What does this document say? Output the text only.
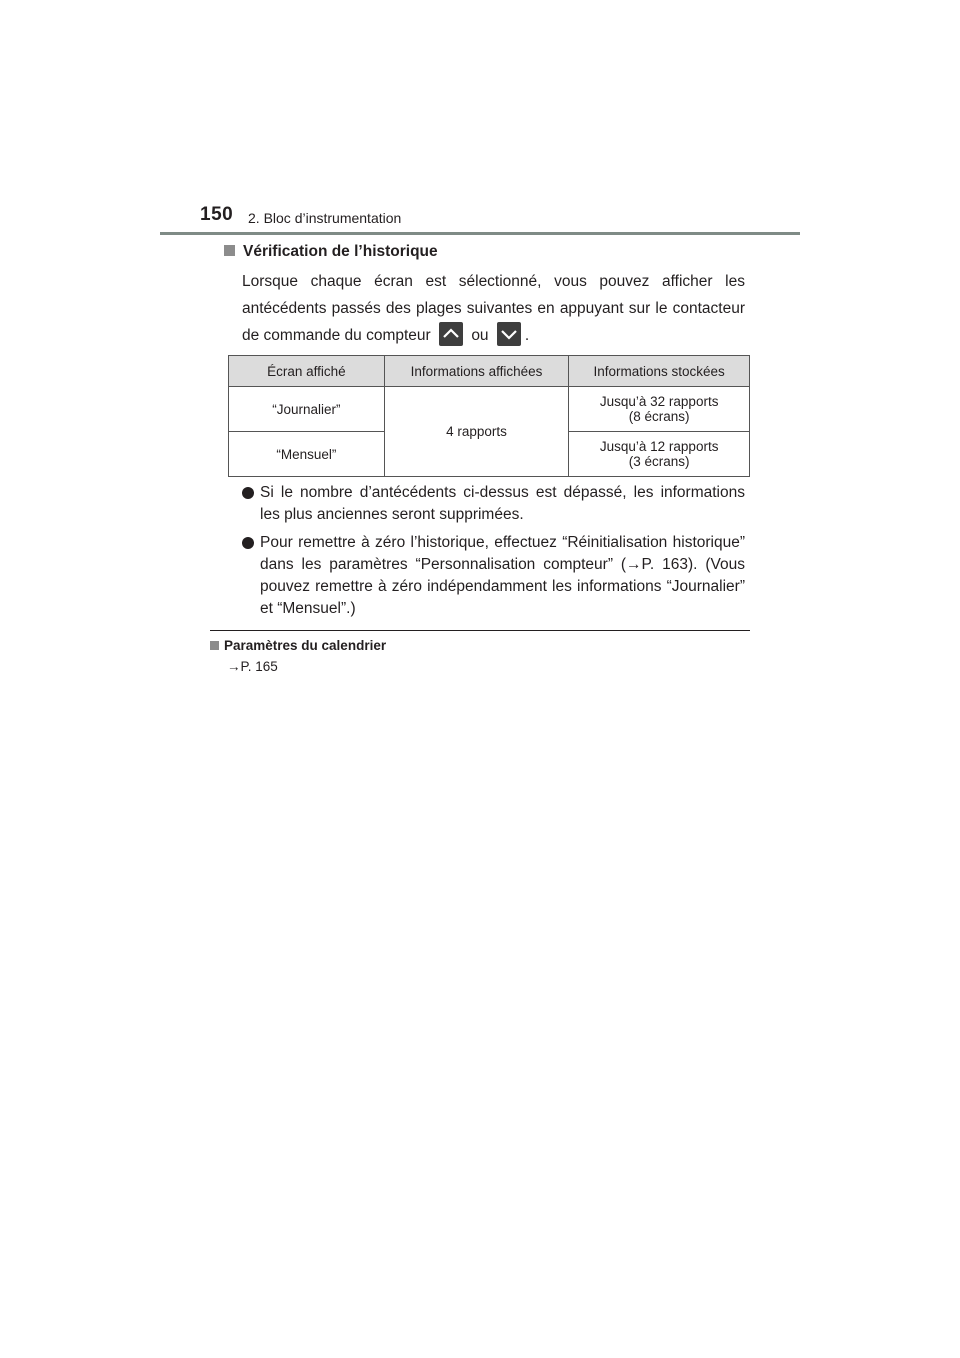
150 2. Bloc d’instrumentation
Vérification de l’historique

Lorsque chaque écran est sélectionné, vous pouvez afficher les antécédents passés des plages suivantes en appuyant sur le contacteur de commande du compteur	ou .

Écran affiché	Informations affichées	Informations stockées
“Journalier”	4 rapports	Jusqu’à 32 rapports
(8 écrans)

“Mensuel”		Jusqu’à 12 rapports
(3 écrans)
Si le nombre d’antécédents ci-dessus est dépassé, les informations les plus anciennes seront supprimées.
Pour remettre à zéro l’historique, effectuez “Réinitialisation historique” dans les paramètres “Personnalisation compteur” (→P. 163). (Vous pouvez remettre à zéro indépendamment les informations “Journalier” et “Mensuel”.)
Paramètres du calendrier
→P. 165
